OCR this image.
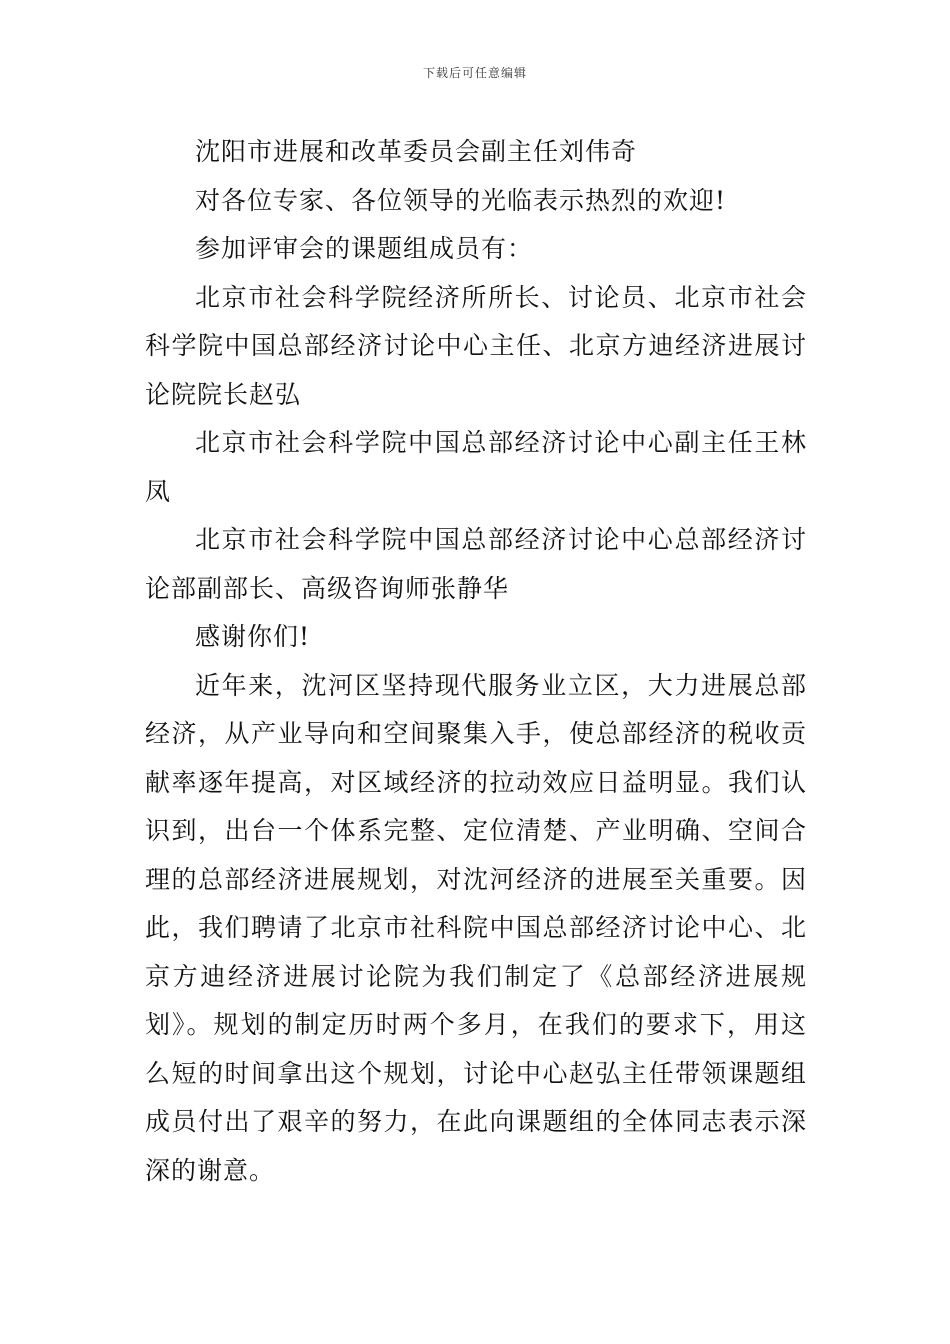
下载后可任意编辑

沈阳市进展和改革委员会副主任刘伟奇

对各位专家、各位领导的光临表示热烈的欢迎!

参加评审会的课题组成员有：

北京市社会科学院经济所所长、讨论员、北京市社会科学院中国总部经济讨论中心主任、北京方迪经济进展讨论院院长赵弘

北京市社会科学院中国总部经济讨论中心副主任王林凤

北京市社会科学院中国总部经济讨论中心总部经济讨论部副部长、高级咨询师张静华

感谢你们!

近年来，沈河区坚持现代服务业立区，大力进展总部经济，从产业导向和空间聚集入手，使总部经济的税收贡献率逐年提高，对区域经济的拉动效应日益明显。我们认识到，出台一个体系完整、定位清楚、产业明确、空间合理的总部经济进展规划，对沈河经济的进展至关重要。因此，我们聘请了北京市社科院中国总部经济讨论中心、北京方迪经济进展讨论院为我们制定了《总部经济进展规划》。规划的制定历时两个多月，在我们的要求下，用这么短的时间拿出这个规划，讨论中心赵弘主任带领课题组成员付出了艰辛的努力，在此向课题组的全体同志表示深深的谢意。
